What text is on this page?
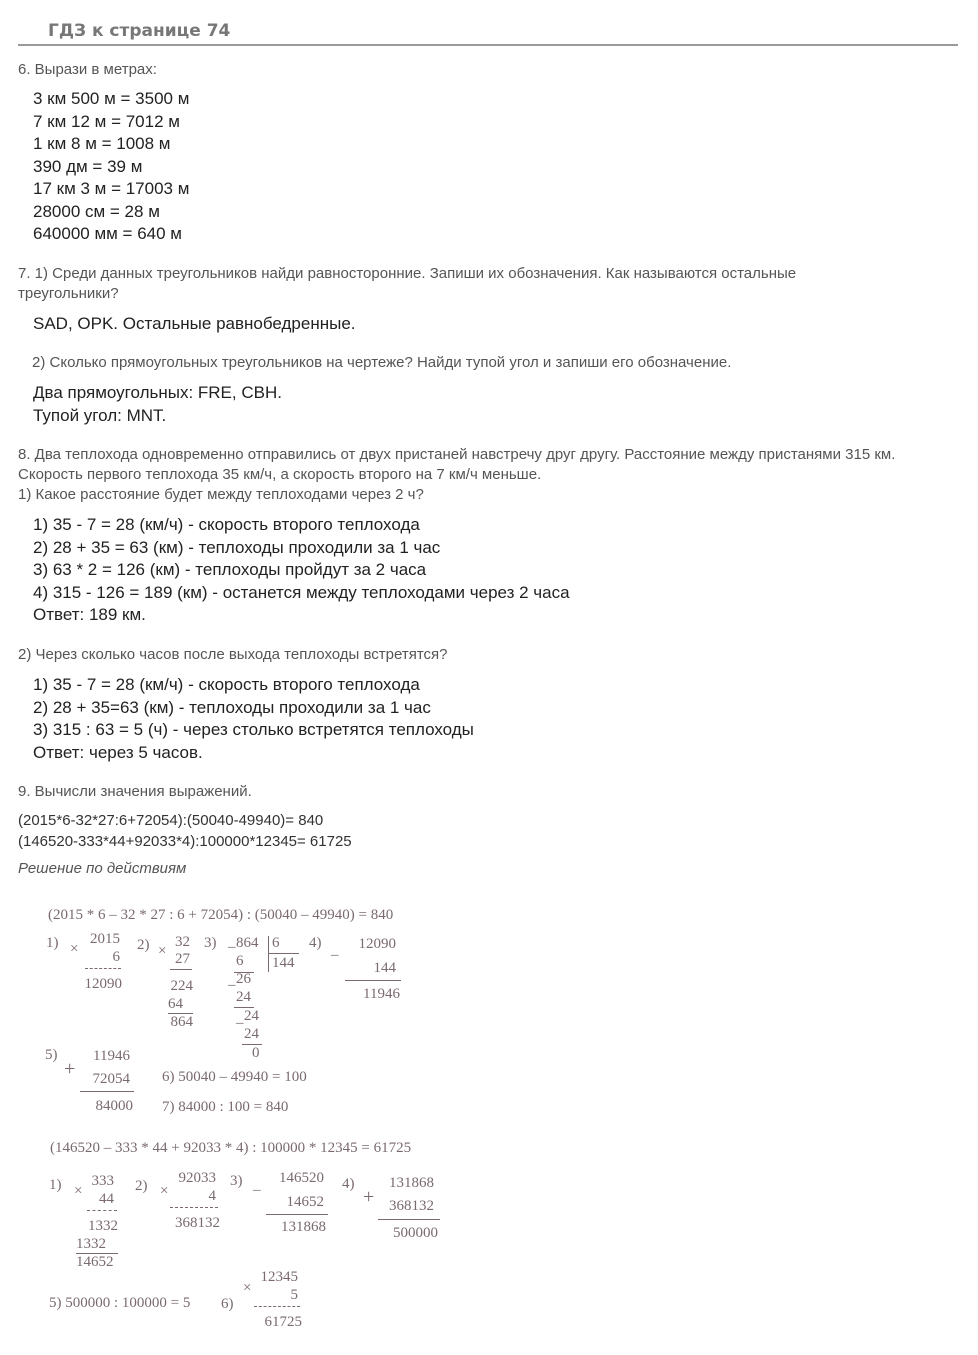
ГДЗ к странице 74
6. Вырази в метрах:
3 км 500 м = 3500 м
7 км 12 м = 7012 м
1 км 8 м = 1008 м
390 дм = 39 м
17 км 3 м = 17003 м
28000 см = 28 м
640000 мм = 640 м
7. 1) Среди данных треугольников найди равносторонние. Запиши их обозначения. Как называются остальные треугольники?
SAD, OPK. Остальные равнобедренные.
2) Сколько прямоугольных треугольников на чертеже? Найди тупой угол и запиши его обозначение.
Два прямоугольных: FRE, CBH.
Тупой угол: MNT.
8. Два теплохода одновременно отправились от двух пристаней навстречу друг другу. Расстояние между пристанями 315 км. Скорость первого теплохода 35 км/ч, а скорость второго на 7 км/ч меньше.
1) Какое расстояние будет между теплоходами через 2 ч?
1) 35 - 7 = 28 (км/ч) - скорость второго теплохода
2) 28 + 35 = 63 (км) - теплоходы проходили за 1 час
3) 63 * 2 = 126 (км) - теплоходы пройдут за 2 часа
4) 315 - 126 = 189 (км) - останется между теплоходами через 2 часа
Ответ: 189 км.
2) Через сколько часов после выхода теплоходы встретятся?
1) 35 - 7 = 28 (км/ч) - скорость второго теплохода
2) 28 + 35=63 (км) - теплоходы проходили за 1 час
3) 315 : 63 = 5 (ч) - через столько встретятся теплоходы
Ответ: через 5 часов.
9. Вычисли значения выражений.
(2015*6-32*27:6+72054):(50040-49940)= 840
(146520-333*44+92033*4):100000*12345= 61725
Решение по действиям
(2015 * 6 – 32 * 27 : 6 + 72054) : (50040 – 49940) = 840
1) ×
2015
6
12090
2) ×
32
27
224
64
864
3) – 864 6
144
6
– 26
24
– 24
24
0
4)
–
12090
144
11946
5)
+
11946
72054
84000
6) 50040 – 49940 = 100
7) 84000 : 100 = 840
(146520 – 333 * 44 + 92033 * 4) : 100000 * 12345 = 61725
1) ×
333
44
1332
1332
14652
2) ×
92033
4
368132
3)
–
146520
14652
131868
4)
+
131868
368132
500000
5) 500000 : 100000 = 5 6)
×
12345
5
61725
